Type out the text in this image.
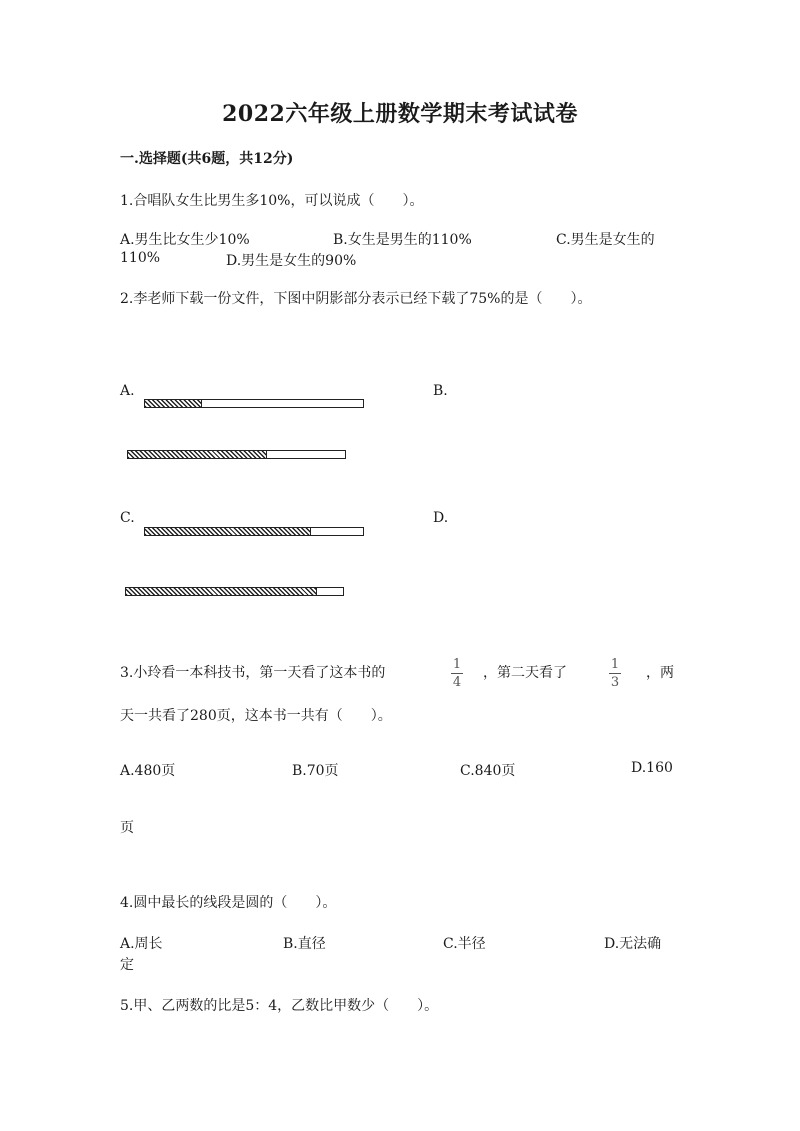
2022六年级上册数学期末考试试卷
一.选择题(共6题，共12分)
1.合唱队女生比男生多10%，可以说成（　　）。
A.男生比女生少10%	B.女生是男生的110%	C.男生是女生的
110%	D.男生是女生的90%
2.李老师下载一份文件，下图中阴影部分表示已经下载了75%的是（　　）。
A.	B.
C.	D.
3.小玲看一本科技书，第一天看了这本书的
1
4
，第二天看了
1
3
，两
天一共看了280页，这本书一共有（　　）。
A.480页	B.70页	C.840页	D.160
页
4.圆中最长的线段是圆的（　　）。
A.周长	B.直径	C.半径	D.无法确
定
5.甲、乙两数的比是5：4，乙数比甲数少（　　）。
